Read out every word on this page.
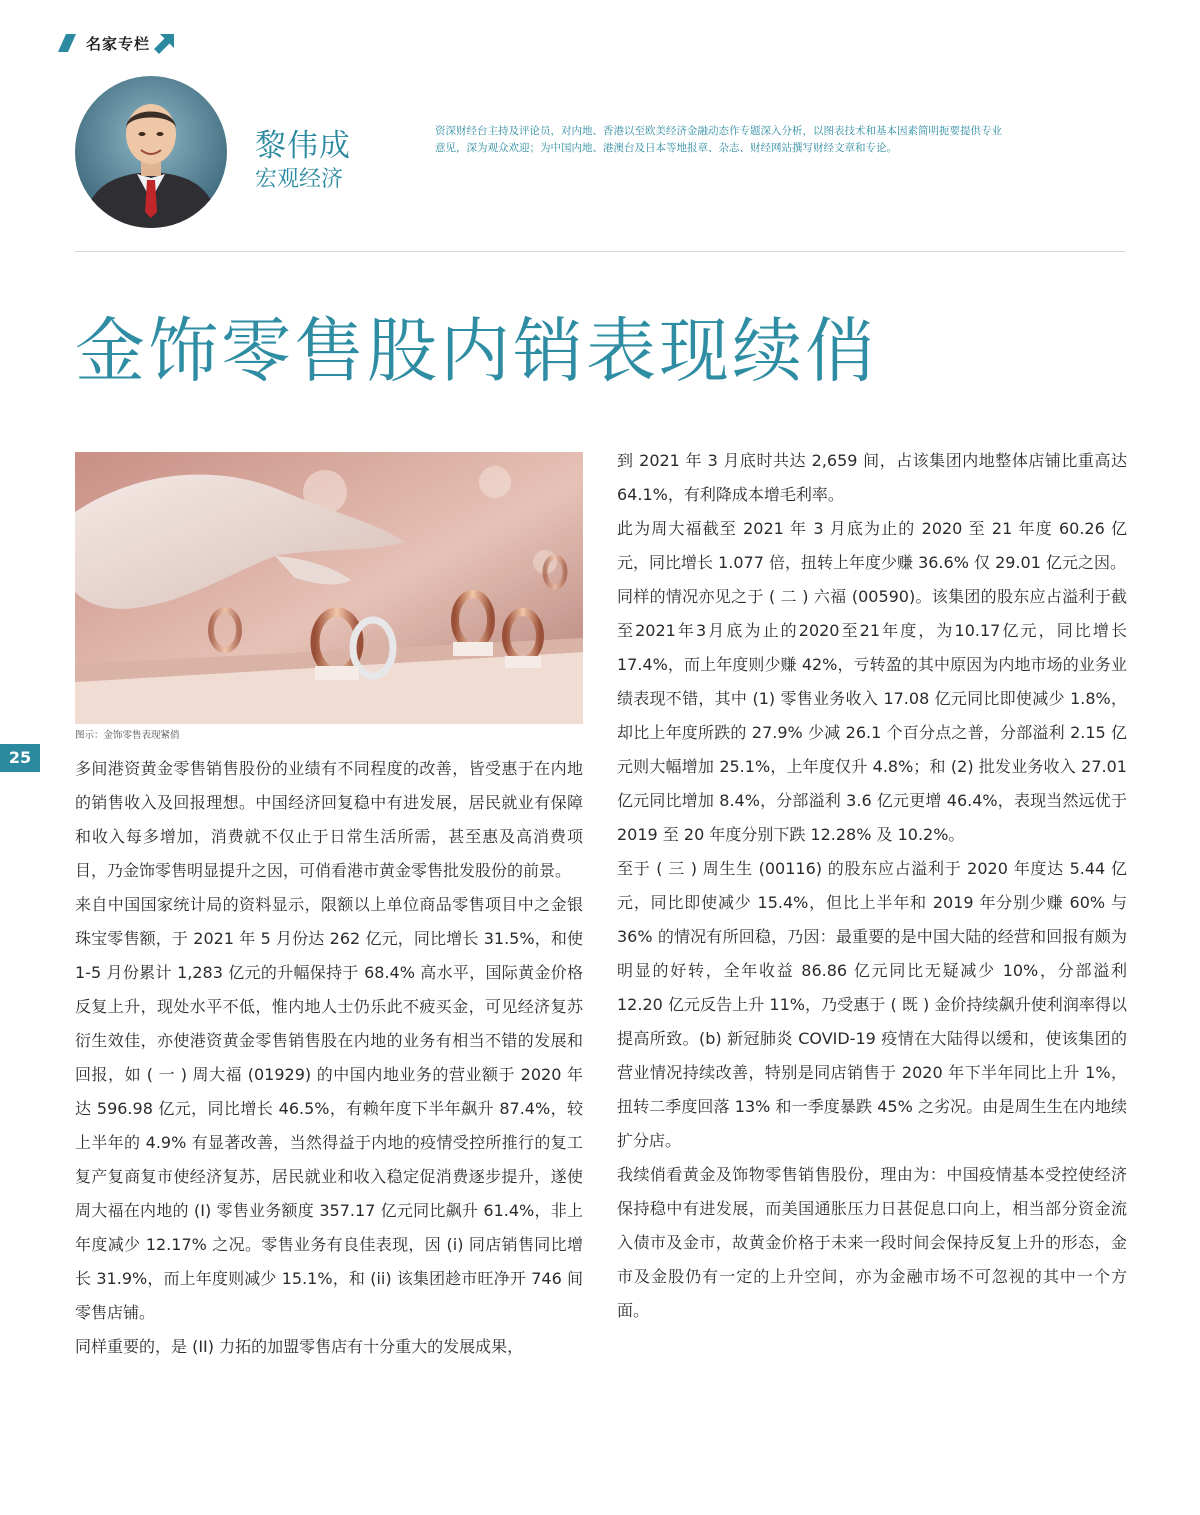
名家专栏
黎伟成
宏观经济
资深财经台主持及评论员，对内地、香港以至欧美经济金融动态作专题深入分析，以图表技术和基本因素简明扼要提供专业意见，深为观众欢迎；为中国内地、港澳台及日本等地报章、杂志、财经网站撰写财经文章和专论。
金饰零售股内销表现续俏
图示：金饰零售表现紧俏
25

多间港资黄金零售销售股份的业绩有不同程度的改善，皆受惠于在内地的销售收入及回报理想。中国经济回复稳中有进发展，居民就业有保障和收入每多增加，消费就不仅止于日常生活所需，甚至惠及高消费项目，乃金饰零售明显提升之因，可俏看港市黄金零售批发股份的前景。

来自中国国家统计局的资料显示，限额以上单位商品零售项目中之金银珠宝零售额，于 2021 年 5 月份达 262 亿元，同比增长 31.5%，和使 1-5 月份累计 1,283 亿元的升幅保持于 68.4% 高水平，国际黄金价格反复上升，现处水平不低，惟内地人士仍乐此不疲买金，可见经济复苏衍生效佳，亦使港资黄金零售销售股在内地的业务有相当不错的发展和回报，如 ( 一 ) 周大福 (01929) 的中国内地业务的营业额于 2020 年达 596.98 亿元，同比增长 46.5%，有赖年度下半年飙升 87.4%，较上半年的 4.9% 有显著改善，当然得益于内地的疫情受控所推行的复工复产复商复市使经济复苏，居民就业和收入稳定促消费逐步提升，遂使周大福在内地的 (I) 零售业务额度 357.17 亿元同比飙升 61.4%，非上年度减少 12.17% 之况。零售业务有良佳表现，因 (i) 同店销售同比增长 31.9%，而上年度则减少 15.1%，和 (ii) 该集团趁市旺净开 746 间零售店铺。

同样重要的，是 (II) 力拓的加盟零售店有十分重大的发展成果，

到 2021 年 3 月底时共达 2,659 间，占该集团内地整体店铺比重高达 64.1%，有利降成本增毛利率。

此为周大福截至 2021 年 3 月底为止的 2020 至 21 年度 60.26 亿元，同比增长 1.077 倍，扭转上年度少赚 36.6% 仅 29.01 亿元之因。

同样的情况亦见之于 ( 二 ) 六福 (00590)。该集团的股东应占溢利于截至2021年3月底为止的2020至21年度，为10.17亿元，同比增长 17.4%，而上年度则少赚 42%，亏转盈的其中原因为内地市场的业务业绩表现不错，其中 (1) 零售业务收入 17.08 亿元同比即使减少 1.8%，却比上年度所跌的 27.9% 少减 26.1 个百分点之普，分部溢利 2.15 亿元则大幅增加 25.1%，上年度仅升 4.8%；和 (2) 批发业务收入 27.01 亿元同比增加 8.4%，分部溢利 3.6 亿元更增 46.4%，表现当然远优于 2019 至 20 年度分别下跌 12.28% 及 10.2%。

至于 ( 三 ) 周生生 (00116) 的股东应占溢利于 2020 年度达 5.44 亿元，同比即使减少 15.4%，但比上半年和 2019 年分别少赚 60% 与 36% 的情况有所回稳，乃因：最重要的是中国大陆的经营和回报有颇为明显的好转，全年收益 86.86 亿元同比无疑减少 10%，分部溢利 12.20 亿元反告上升 11%，乃受惠于 ( 既 ) 金价持续飙升使利润率得以提高所致。(b) 新冠肺炎 COVID-19 疫情在大陆得以缓和，使该集团的营业情况持续改善，特别是同店销售于 2020 年下半年同比上升 1%，扭转二季度回落 13% 和一季度暴跌 45% 之劣况。由是周生生在内地续扩分店。

我续俏看黄金及饰物零售销售股份，理由为：中国疫情基本受控使经济保持稳中有进发展，而美国通胀压力日甚促息口向上，相当部分资金流入债市及金市，故黄金价格于未来一段时间会保持反复上升的形态，金市及金股仍有一定的上升空间，亦为金融市场不可忽视的其中一个方面。
